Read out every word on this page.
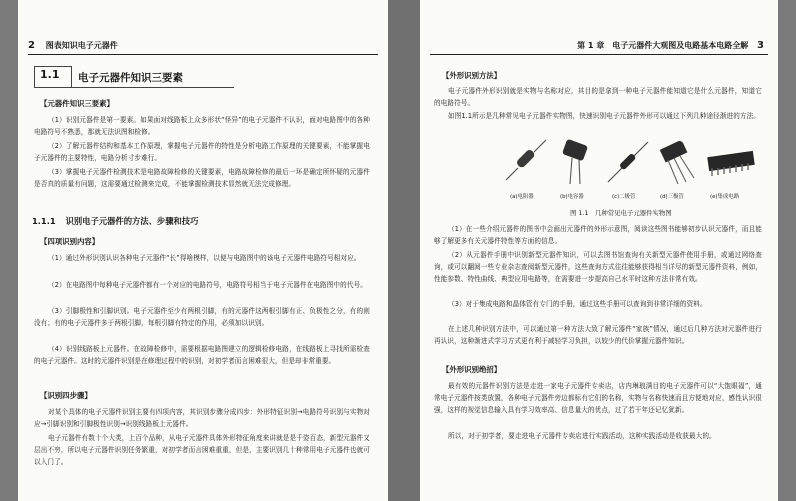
2 图表知识电子元器件
1.1 电子元器件知识三要素
【元器件知识三要素】
（1）识别元器件是第一要素。如果面对线路板上众多形状“怪异”的电子元器件不认识，面对电路图中的各种电路符号不熟悉，那就无法识图和检修。
（2）了解元器件结构和基本工作原理，掌握电子元器件的特性是分析电路工作原理的关键要素，不能掌握电子元器件的主要特性，电路分析寸步难行。
（3）掌握电子元器件检测技术是电路故障检修的关键要素，电路故障检修的最后一环是确定所怀疑的元器件是否真的质量有问题，这需要通过检测来完成，不能掌握检测技术显然就无法完成修理。
1.1.1 识别电子元器件的方法、步骤和技巧
【四项识别内容】
（1）通过外形识别认识各种电子元器件“长”得啥模样，以便与电路图中的该电子元器件电路符号相对应。
（2）在电路图中每种电子元器件都有一个对应的电路符号，电路符号相当于电子元器件在电路图中的代号。
（3）引脚极性和引脚识别。电子元器件至少有两根引脚，有的元器件这两根引脚有正、负极性之分，有的则没有；有的电子元器件多于两根引脚，每根引脚有特定的作用，必须加以识别。
（4）识别线路板上元器件。在故障检修中，需要根据电路图建立的逻辑检修电路，在线路板上寻找所需检查的电子元器件。这时的元器件识别是在修理过程中的识别，对初学者而言困难很大，但是却非常重要。
【识别四步骤】
对某个具体的电子元器件识别主要有四项内容，其识别步骤分成四步：外形特征识别→电路符号识别与实物对应→引脚识别和引脚极性识别→识别线路板上元器件。
电子元器件有数十个大类，上百个品种，从电子元器件具体外形特征角度来讲就是是千姿百态，新型元器件又层出不穷，所以电子元器件识别任务繁重，对初学者而言困难重重，但是，主要识别几十种常用电子元器件也就可以入门了。
第 1 章　电子元器件大观图及电路基本电路全解 3
【外形识别方法】
电子元器件外形识别就是实物与名称对应，其目的是拿到一种电子元器件能知道它是什么元器件，知道它的电路符号。
如图1.1所示是几种常见电子元器件实物图，快速识别电子元器件外形可以通过下列几种途径渐进的方法。
(a)电阻器	(b)电容器	(c)二极管	(d)三极管	(e)集成电路
图 1.1　几种常见电子元器件实物图
（1）在一些介绍元器件的图书中会画出元器件的外形示意图，阅读这些图书能够初步认识元器件，而且能够了解更多有关元器件特性等方面的信息。
（2）从元器件手册中识别新型元器件知识，可以去图书馆查询有关新型元器件使用手册，或通过网络查询，或可以翻阅一些专业杂志查阅新型元器件，这些查询方式往往能够获得相当详尽的新型元器件资料，例如，性能参数、特性曲线、典型应用电路等，在需要进一步提高自己水平时这种方法非常有效。
（3）对于集成电路和晶体管有专门的手册，通过这些手册可以查询到非常详细的资料。
在上述几种识别方法中，可以通过第一种方法大致了解元器件“家族”情况，通过后几种方法对元器件进行再认识，这种渐进式学习方式更有利于减轻学习负担，以较少的代价掌握元器件知识。
【外形识别绝招】
最有效的元器件识别方法是走进一家电子元器件专卖店，店内琳琅满目的电子元器件可以“大饱眼福”，通常电子元器件按类放置，各种电子元器件旁边都标有它们的名称，实物与名称快速而且方便地对应，感性认识很强，这样的视觉信息输入具有学习效率高、信息量大的优点，过了若干年还记忆犹新。
所以，对于初学者，要走进电子元器件专卖店进行实践活动，这种实践活动是收获最大的。
